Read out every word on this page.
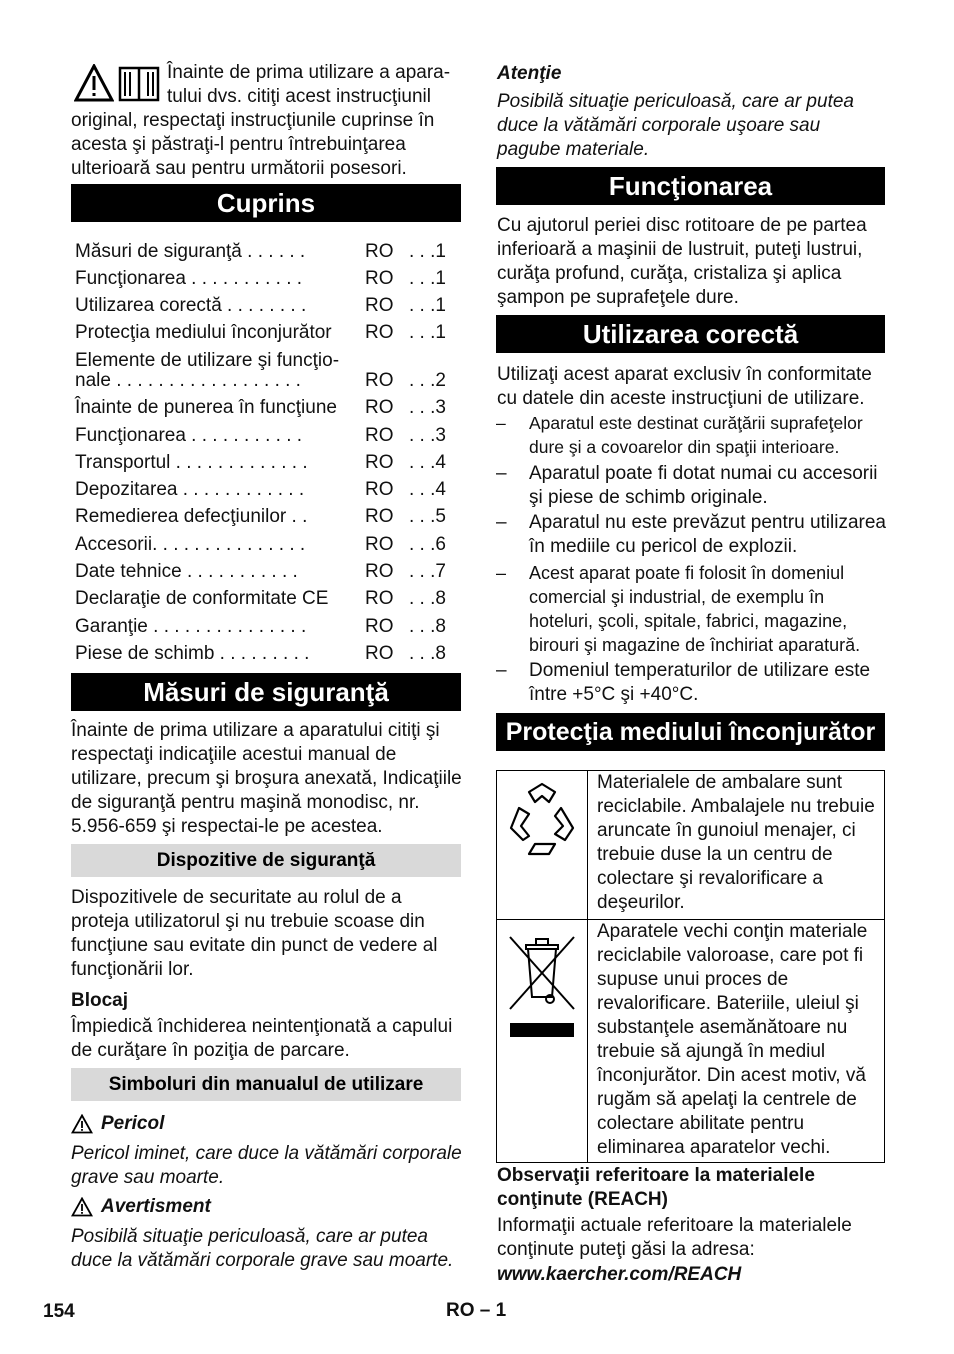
Înainte de prima utilizare a apara-
tului dvs. citiţi acest instrucţiunil
original, respectaţi instrucţiunile cuprinse în acesta şi păstraţi-l pentru întrebuinţarea ulterioară sau pentru următorii posesori.
Cuprins
Măsuri de siguranţă . . . . . .	RO . . .1
Funcţionarea . . . . . . . . . . .	RO . . .1
Utilizarea corectă . . . . . . . .	RO . . .1
Protecţia mediului înconjurător RO . . .1
Elemente de utilizare şi funcţio-
nale . . . . . . . . . . . . . . . . . .	RO . . .2
Înainte de punerea în funcţiune RO . . .3
Funcţionarea . . . . . . . . . . .	RO . . .3
Transportul . . . . . . . . . . . . .	RO . . .4
Depozitarea . . . . . . . . . . . .	RO . . .4
Remedierea defecţiunilor . .	RO . . .5
Accesorii. . . . . . . . . . . . . . .	RO . . .6
Date tehnice . . . . . . . . . . .	RO . . .7
Declaraţie de conformitate CE RO . . .8
Garanţie . . . . . . . . . . . . . . .	RO . . .8
Piese de schimb . . . . . . . . .	RO . . .8
Măsuri de siguranţă
Înainte de prima utilizare a aparatului citiţi şi respectaţi indicaţiile acestui manual de utilizare, precum şi broşura anexată, Indicaţiile de siguranţă pentru maşină monodisc, nr. 5.956-659 şi respectai-le pe acestea.
Dispozitive de siguranţă
Dispozitivele de securitate au rolul de a proteja utilizatorul şi nu trebuie scoase din funcţiune sau evitate din punct de vedere al funcţionării lor.
Blocaj
Împiedică închiderea neintenţionată a capului de curăţare în poziţia de parcare.
Simboluri din manualul de utilizare
Pericol
Pericol iminet, care duce la vătămări corporale grave sau moarte.
Avertisment
Posibilă situaţie periculoasă, care ar putea duce la vătămări corporale grave sau moarte.
Atenţie
Posibilă situaţie periculoasă, care ar putea duce la vătămări corporale uşoare sau pagube materiale.
Funcţionarea
Cu ajutorul periei disc rotitoare de pe partea inferioară a maşinii de lustruit, puteţi lustrui, curăţa profund, curăţa, cristaliza şi aplica şampon pe suprafeţele dure.
Utilizarea corectă
Utilizaţi acest aparat exclusiv în conformitate cu datele din aceste instrucţiuni de utilizare.
– Aparatul este destinat curăţării suprafeţelor dure şi a covoarelor din spaţii interioare.
– Aparatul poate fi dotat numai cu accesorii şi piese de schimb originale.
– Aparatul nu este prevăzut pentru utilizarea în mediile cu pericol de explozii.
– Acest aparat poate fi folosit în domeniul comercial şi industrial, de exemplu în hoteluri, şcoli, spitale, fabrici, magazine, birouri şi magazine de închiriat aparatură.
– Domeniul temperaturilor de utilizare este între +5°C şi +40°C.
Protecţia mediului înconjurător

Materialele de ambalare sunt reciclabile. Ambalajele nu trebuie aruncate în gunoiul menajer, ci trebuie duse la un centru de colectare şi revalorificare a deşeurilor.

Aparatele vechi conţin materiale reciclabile valoroase, care pot fi supuse unui proces de revalorificare. Bateriile, uleiul şi substanţele asemănătoare nu trebuie să ajungă în mediul înconjurător. Din acest motiv, vă rugăm să apelaţi la centrele de colectare abilitate pentru eliminarea aparatelor vechi.
Observaţii referitoare la materialele conţinute (REACH)
Informaţii actuale referitoare la materialele conţinute puteţi găsi la adresa:
www.kaercher.com/REACH
154	RO – 1
